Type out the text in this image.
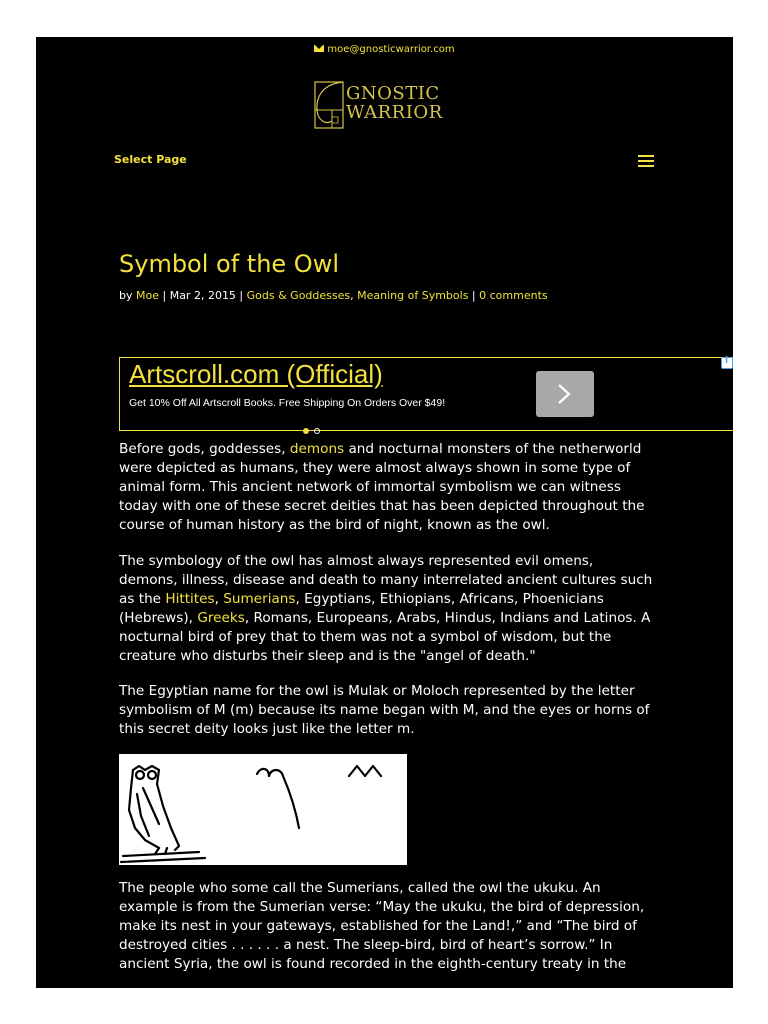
moe@gnosticwarrior.com
GNOSTIC
WARRIOR
Select Page
Symbol of the Owl
by Moe | Mar 2, 2015 | Gods & Goddesses, Meaning of Symbols | 0 comments
Artscroll.com (Official)
Get 10% Off All Artscroll Books. Free Shipping On Orders Over $49!
i

Before gods, goddesses, demons and nocturnal monsters of the netherworld were depicted as humans, they were almost always shown in some type of animal form. This ancient network of immortal symbolism we can witness today with one of these secret deities that has been depicted throughout the course of human history as the bird of night, known as the owl.

The symbology of the owl has almost always represented evil omens, demons, illness, disease and death to many interrelated ancient cultures such as the Hittites, Sumerians, Egyptians, Ethiopians, Africans, Phoenicians (Hebrews), Greeks, Romans, Europeans, Arabs, Hindus, Indians and Latinos. A nocturnal bird of prey that to them was not a symbol of wisdom, but the creature who disturbs their sleep and is the "angel of death."

The Egyptian name for the owl is Mulak or Moloch represented by the letter symbolism of M (m) because its name began with M, and the eyes or horns of this secret deity looks just like the letter m.

The people who some call the Sumerians, called the owl the ukuku. An example is from the Sumerian verse: “May the ukuku, the bird of depression, make its nest in your gateways, established for the Land!,” and “The bird of destroyed cities . . . . . . a nest. The sleep-bird, bird of heart’s sorrow.” In ancient Syria, the owl is found recorded in the eighth-century treaty in the
